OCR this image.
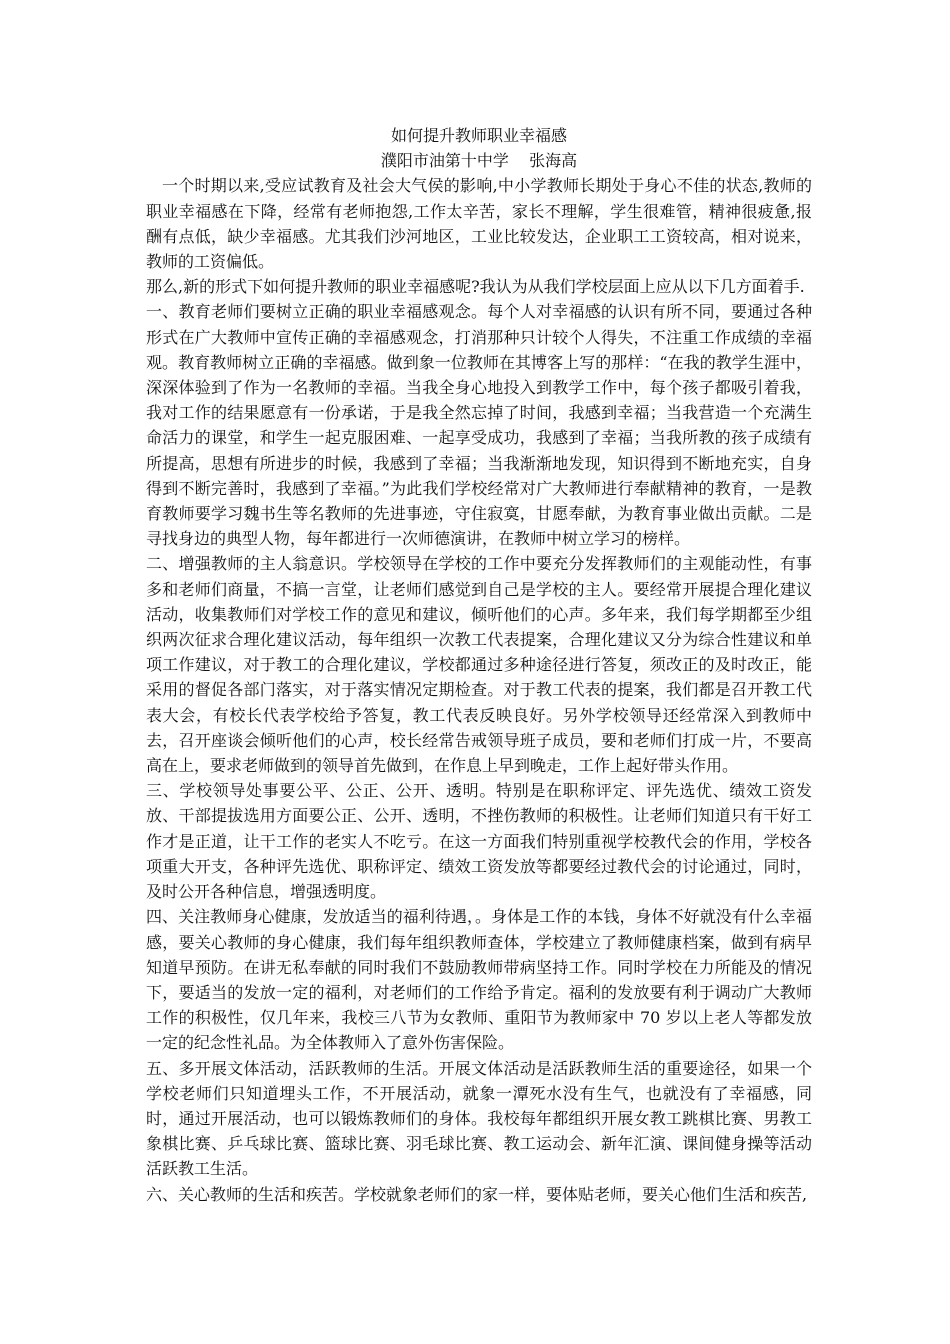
如何提升教师职业幸福感

濮阳市油第十中学    张海高

一个时期以来,受应试教育及社会大气侯的影响,中小学教师长期处于身心不佳的状态,教师的职业幸福感在下降，经常有老师抱怨,工作太辛苦，家长不理解，学生很难管，精神很疲惫,报酬有点低，缺少幸福感。尤其我们沙河地区，工业比较发达，企业职工工资较高，相对说来，教师的工资偏低。

那么,新的形式下如何提升教师的职业幸福感呢?我认为从我们学校层面上应从以下几方面着手.

一、教育老师们要树立正确的职业幸福感观念。每个人对幸福感的认识有所不同，要通过各种形式在广大教师中宣传正确的幸福感观念，打消那种只计较个人得失，不注重工作成绩的幸福观。教育教师树立正确的幸福感。做到象一位教师在其博客上写的那样：“在我的教学生涯中，深深体验到了作为一名教师的幸福。当我全身心地投入到教学工作中，每个孩子都吸引着我，我对工作的结果愿意有一份承诺，于是我全然忘掉了时间，我感到幸福；当我营造一个充满生命活力的课堂，和学生一起克服困难、一起享受成功，我感到了幸福；当我所教的孩子成绩有所提高，思想有所进步的时候，我感到了幸福；当我渐渐地发现，知识得到不断地充实，自身得到不断完善时，我感到了幸福。”为此我们学校经常对广大教师进行奉献精神的教育，一是教育教师要学习魏书生等名教师的先进事迹，守住寂寞，甘愿奉献，为教育事业做出贡献。二是寻找身边的典型人物，每年都进行一次师德演讲，在教师中树立学习的榜样。

二、增强教师的主人翁意识。学校领导在学校的工作中要充分发挥教师们的主观能动性，有事多和老师们商量，不搞一言堂，让老师们感觉到自己是学校的主人。要经常开展提合理化建议活动，收集教师们对学校工作的意见和建议，倾听他们的心声。多年来，我们每学期都至少组织两次征求合理化建议活动，每年组织一次教工代表提案，合理化建议又分为综合性建议和单项工作建议，对于教工的合理化建议，学校都通过多种途径进行答复，须改正的及时改正，能采用的督促各部门落实，对于落实情况定期检查。对于教工代表的提案，我们都是召开教工代表大会，有校长代表学校给予答复，教工代表反映良好。另外学校领导还经常深入到教师中去，召开座谈会倾听他们的心声，校长经常告戒领导班子成员，要和老师们打成一片，不要高高在上，要求老师做到的领导首先做到，在作息上早到晚走，工作上起好带头作用。

三、学校领导处事要公平、公正、公开、透明。特别是在职称评定、评先选优、绩效工资发放、干部提拔选用方面要公正、公开、透明，不挫伤教师的积极性。让老师们知道只有干好工作才是正道，让干工作的老实人不吃亏。在这一方面我们特别重视学校教代会的作用，学校各项重大开支，各种评先选优、职称评定、绩效工资发放等都要经过教代会的讨论通过，同时，及时公开各种信息，增强透明度。

四、关注教师身心健康，发放适当的福利待遇，。身体是工作的本钱，身体不好就没有什么幸福感，要关心教师的身心健康，我们每年组织教师查体，学校建立了教师健康档案，做到有病早知道早预防。在讲无私奉献的同时我们不鼓励教师带病坚持工作。同时学校在力所能及的情况下，要适当的发放一定的福利，对老师们的工作给予肯定。福利的发放要有利于调动广大教师工作的积极性，仅几年来，我校三八节为女教师、重阳节为教师家中 70 岁以上老人等都发放一定的纪念性礼品。为全体教师入了意外伤害保险。

五、多开展文体活动，活跃教师的生活。开展文体活动是活跃教师生活的重要途径，如果一个学校老师们只知道埋头工作，不开展活动，就象一潭死水没有生气，也就没有了幸福感，同时，通过开展活动，也可以锻炼教师们的身体。我校每年都组织开展女教工跳棋比赛、男教工象棋比赛、乒乓球比赛、篮球比赛、羽毛球比赛、教工运动会、新年汇演、课间健身操等活动活跃教工生活。

六、关心教师的生活和疾苦。学校就象老师们的家一样，要体贴老师，要关心他们生活和疾苦,
